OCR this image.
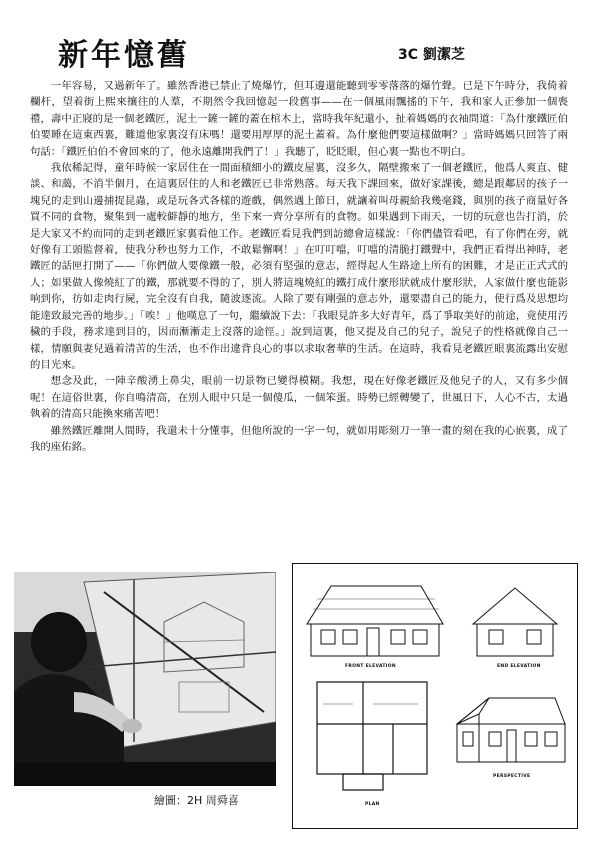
新年憶舊	3C 劉潔芝

一年容易，又過新年了。雖然香港已禁止了燒爆竹，但耳邊還能聽到零零落落的爆竹聲。已是下午時分，我倚着欄杆，望着街上熙來攘往的人羣，不期然令我回憶起一段舊事——在一個風雨飄搖的下午，我和家人正參加一個喪禮，壽中正寢的是一個老鐵匠，泥土一鏟一鏟的蓋在棺木上，當時我年紀還小，扯着媽媽的衣袖問道：「為什麼鐵匠伯伯要睡在這東西裏，難道他家裏沒有床嗎！還要用厚厚的泥土蓋着。為什麼他們要這樣做啊？」當時媽媽只回答了兩句話：「鐵匠伯伯不會回來的了，他永遠離開我們了！」我聽了，眨眨眼，但心裏一點也不明白。

我依稀記得，童年時候一家居住在一間面積細小的鐵皮屋裏，沒多久，隔壁搬來了一個老鐵匠，他爲人爽直、健談、和藹，不消半個月，在這裏居住的人和老鐵匠已非常熟落。每天我下課回來，做好家課後，總是跟鄰居的孩子一塊兒的走到山邊捕捉昆蟲，或是玩各式各樣的遊戲，偶然遇上節日，就讓着叫母親給我幾毫錢，與別的孩子商量好各買不同的食物，聚集到一處較僻靜的地方，坐下來一齊分享所有的食物。如果遇到下雨天，一切的玩意也告打消，於是大家又不約而同的走到老鐵匠家裏看他工作。老鐵匠看見我們到訪總會這樣說：「你們儘管看吧，有了你們在旁，就好像有工頭監督着，使我分秒也努力工作，不敢鬆懈啊！」在叮叮噹，叮噹的清脆打鐵聲中，我們正看得出神時，老鐵匠的話匣打開了——「你們做人要像鐵一般，必須有堅强的意志，經得起人生路途上所有的困難，才是正正式式的人；如果做人像燒紅了的鐵，那就要不得的了，別人將這塊燒紅的鐵打成什麼形狀就成什麼形狀，人家做什麼也能影响到你，彷如走肉行屍，完全沒有自我，隨波逐流。人除了要有剛强的意志外，還要盡自己的能力，使行爲及思想均能達致最完善的地步。」「唉！」他嘆息了一句，繼續說下去：「我眼見許多大好青年，爲了爭取美好的前途，竟使用汚穢的手段，務求達到目的，因而漸漸走上沒落的途徑。」說到這裏，他又提及自己的兒子，說兒子的性格就像自己一樣，情願與妻兒過着清苦的生活，也不作出違背良心的事以求取奢華的生活。在這時，我看見老鐵匠眼裏流露出安慰的目光來。

想念及此，一陣辛酸湧上鼻尖，眼前一切景物已變得模糊。我想，現在好像老鐵匠及他兒子的人，又有多少個呢！在這俗世裏，你自鳴清高，在別人眼中只是一個傻瓜，一個笨蛋。時勢已經轉變了，世風日下，人心不古，太過執着的清高只能換來痛苦吧！

雖然鐵匠離開人間時，我還未十分懂事，但他所說的一字一句，就如用彫刻刀一筆一畫的刻在我的心嵌裏，成了我的座佑銘。

繪圖：2H 周舜喜
FRONT ELEVATION	END ELEVATION
PLAN
PERSPECTIVE
